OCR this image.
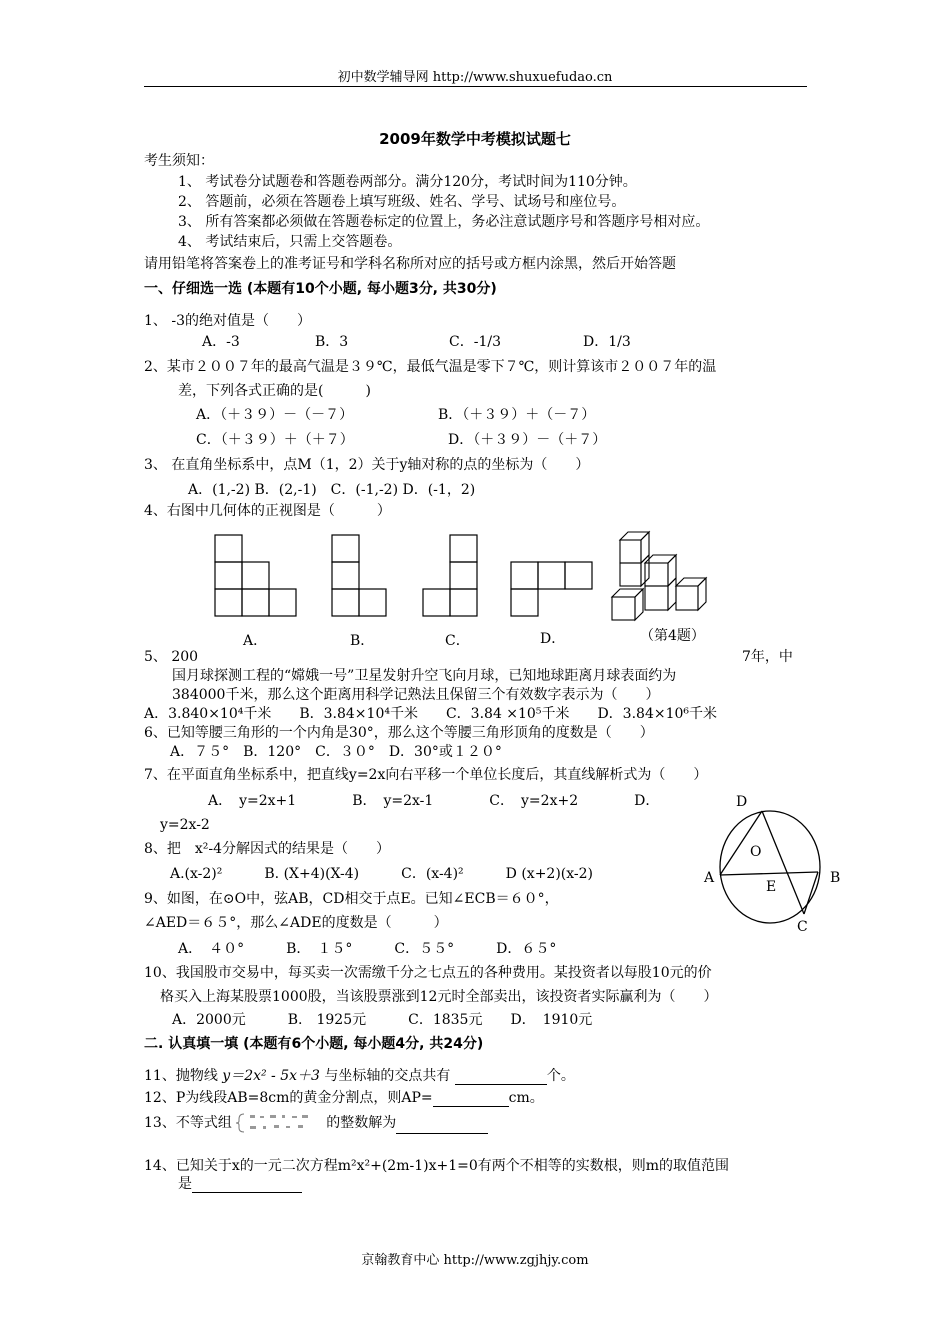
初中数学辅导网 http://www.shuxuefudao.cn
2009年数学中考模拟试题七
考生须知：
1、 考试卷分试题卷和答题卷两部分。满分120分，考试时间为110分钟。
2、 答题前，必须在答题卷上填写班级、姓名、学号、试场号和座位号。
3、 所有答案都必须做在答题卷标定的位置上，务必注意试题序号和答题序号相对应。
4、 考试结束后，只需上交答题卷。
请用铅笔将答案卷上的准考证号和学科名称所对应的括号或方框内涂黑，然后开始答题
一、仔细选一选 (本题有10个小题, 每小题3分, 共30分)
1、 -3的绝对值是（　　）
A．-3	B．3	C．-1/3	D．1/3
2、某市２００７年的最高气温是３９℃，最低气温是零下７℃，则计算该市２００７年的温
差，下列各式正确的是(　　　)
A．（＋３９）－（－７）	B．（＋３９）＋（－７）
C．（＋３９）＋（＋７）	D．（＋３９）－（＋７）
3、 在直角坐标系中，点M（1，2）关于y轴对称的点的坐标为（　　）
A．(1,-2) B．(2,-1)　C．(-1,-2) D．(-1，2)
4、右图中几何体的正视图是（　　　）
A．	B．	C．	D．	（第4题）
5、 200	7年，中
国月球探测工程的“嫦娥一号”卫星发射升空飞向月球，已知地球距离月球表面约为
384000千米，那么这个距离用科学记熟法且保留三个有效数字表示为（　　）
A．3.840×10⁴千米　　B．3.84×10⁴千米　　C．3.84 ×10⁵千米　　D．3.84×10⁶千米
6、已知等腰三角形的一个内角是30°，那么这个等腰三角形顶角的度数是（　　）
A．７５°　B．120°　C．３０°　D．30°或１２０°
7、在平面直角坐标系中，把直线y=2x向右平移一个单位长度后，其直线解析式为（　　）
A．　y=2x+1　　　　B．　y=2x-1　　　　C．　y=2x+2　　　　D．
y=2x-2
D
O
A
E
B
C
8、把　x²-4分解因式的结果是（　　）
A.(x-2)²　　　B. (X+4)(X-4)　　　C．(x-4)²　　　D (x+2)(x-2)
9、如图，在⊙O中，弦AB，CD相交于点E。已知∠ECB＝６０°，
∠AED＝６５°，那么∠ADE的度数是（　　　）
A．　４０°　　　B．　１５°　　　C．５５°　　　D．６５°
10、我国股市交易中，每买卖一次需缴千分之七点五的各种费用。某投资者以每股10元的价
格买入上海某股票1000股，当该股票涨到12元时全部卖出，该投资者实际赢利为（　　）
A．2000元　　　B.　1925元　　　C．1835元　　D．　1910元
二. 认真填一填 (本题有6个小题, 每小题4分, 共24分)
11、抛物线 y＝2x² - 5x＋3 与坐标轴的交点共有	个。
12、P为线段AB=8cm的黄金分割点，则AP=	cm。
13、不等式组	的整数解为
14、已知关于x的一元二次方程m²x²+(2m-1)x+1=0有两个不相等的实数根，则m的取值范围
是
京翰教育中心 http://www.zgjhjy.com
